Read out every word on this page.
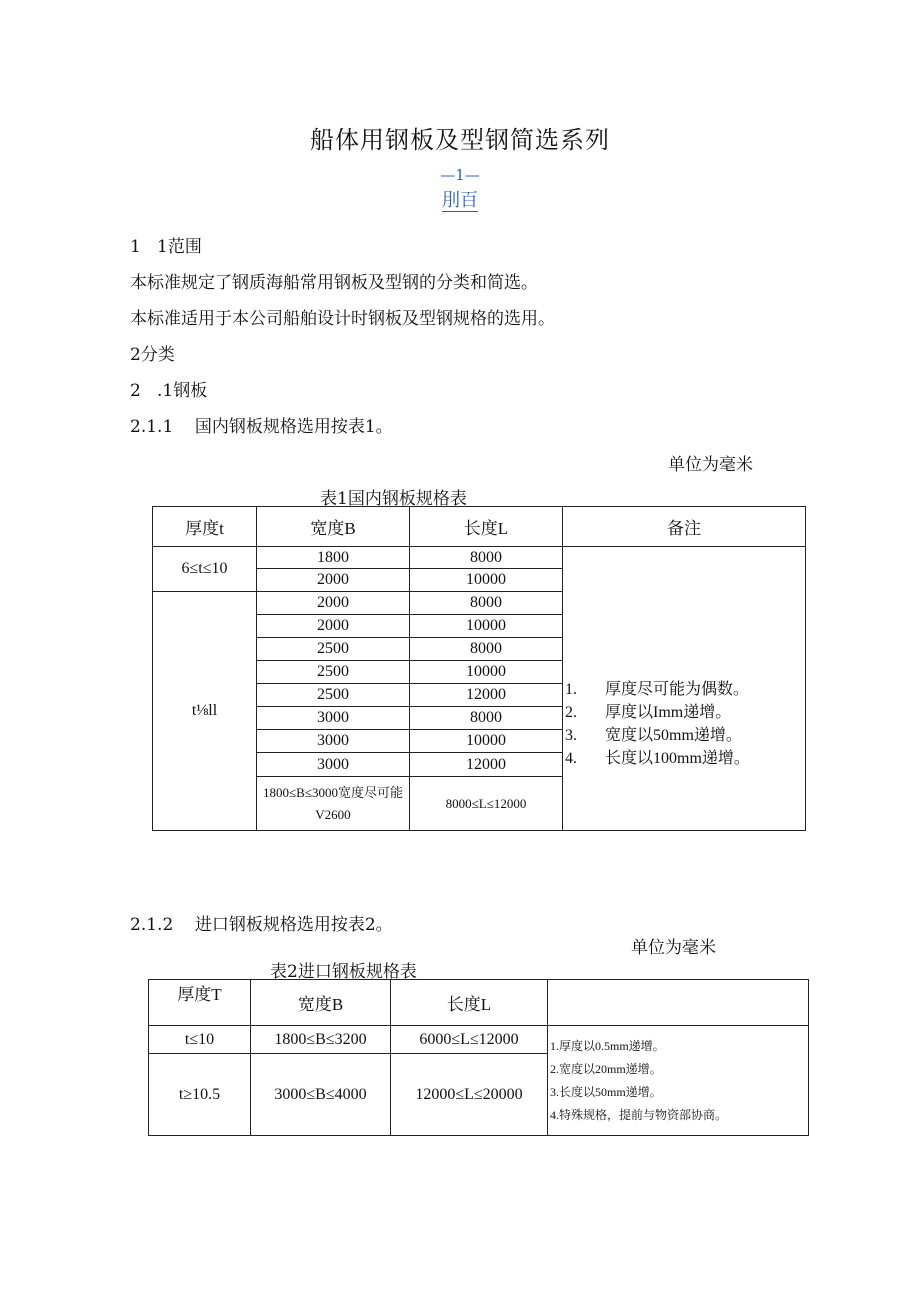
船体用钢板及型钢简选系列
—1—
刖百
1   1范围
本标准规定了钢质海船常用钢板及型钢的分类和简选。
本标准适用于本公司船舶设计时钢板及型钢规格的选用。
2分类
2   .1钢板
2.1.1    国内钢板规格选用按表1。
单位为毫米
表1国内钢板规格表
厚度t	宽度B	长度L	备注
6≤t≤10	1800	8000	1. 厚度尽可能为偶数。
2. 厚度以Imm递增。
3. 宽度以50mm递增。
4. 长度以100mm递增。

	2000	10000	
t⅛ll	2000	8000	
	2000	10000	
	2500	8000	
	2500	10000	
	2500	12000	
	3000	8000	
	3000	10000	
	3000	12000	
	1800≤B≤3000宽度尽可能V2600	8000≤L≤12000	
2.1.2    进口钢板规格选用按表2。
单位为毫米
表2进口钢板规格表
厚度T	宽度B	长度L	
t≤10	1800≤B≤3200	6000≤L≤12000	1.厚度以0.5mm递增。
2.宽度以20mm递增。
3.长度以50mm递增。
4.特殊规格，提前与物资部协商。

t≥10.5	3000≤B≤4000	12000≤L≤20000	
